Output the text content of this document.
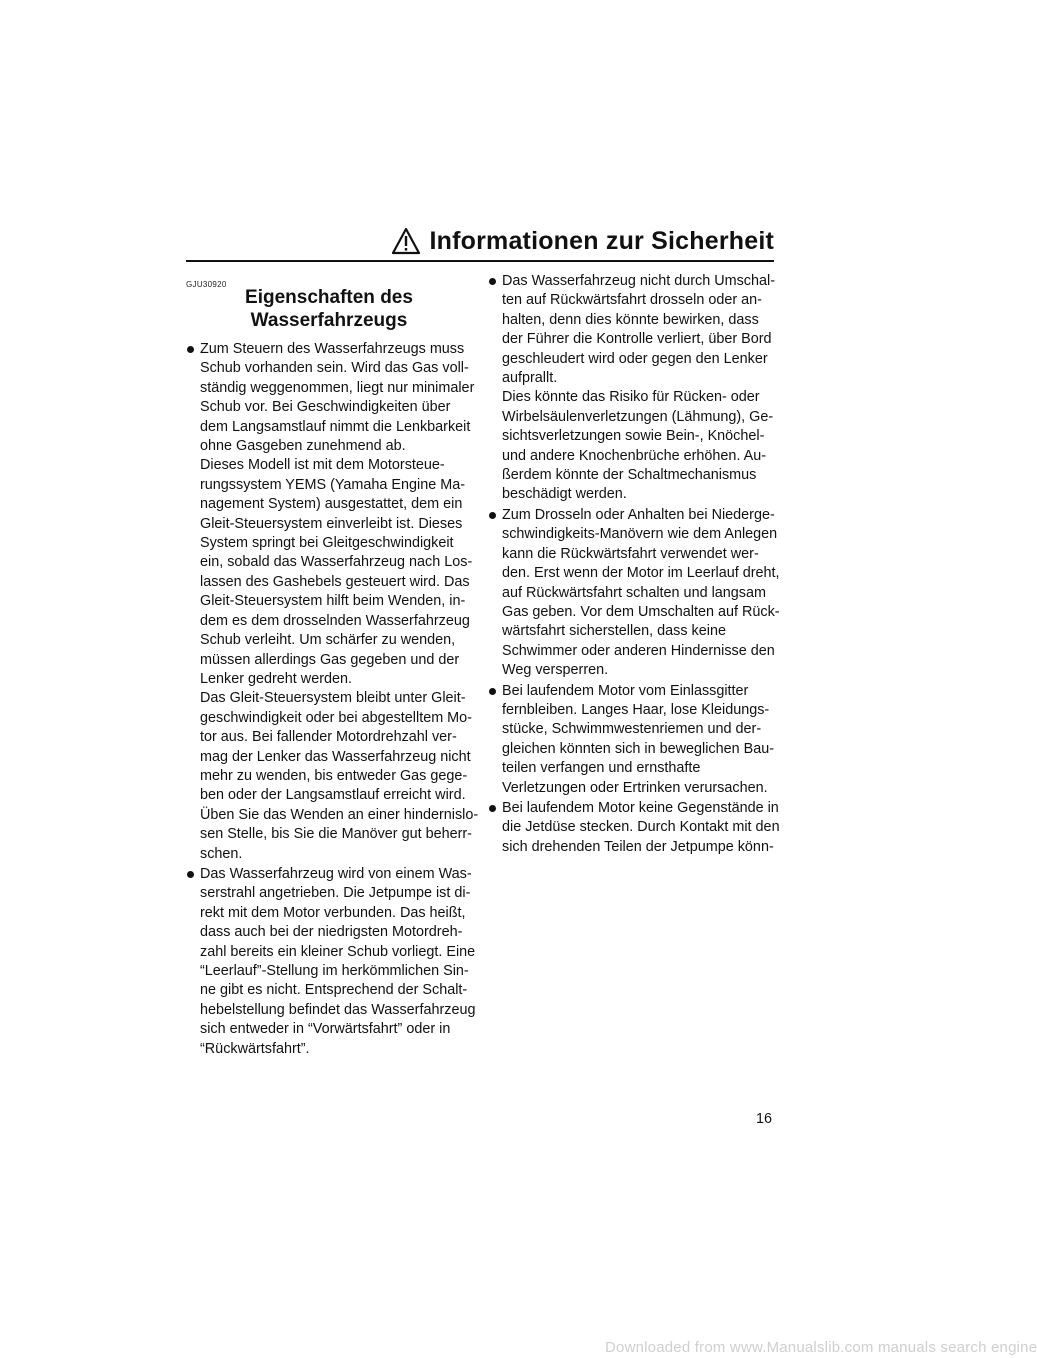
Informationen zur Sicherheit
GJU30920
Eigenschaften des
Wasserfahrzeugs
Zum Steuern des Wasserfahrzeugs muss
Schub vorhanden sein. Wird das Gas voll-
ständig weggenommen, liegt nur minimaler
Schub vor. Bei Geschwindigkeiten über
dem Langsamstlauf nimmt die Lenkbarkeit
ohne Gasgeben zunehmend ab.
Dieses Modell ist mit dem Motorsteue-
rungssystem YEMS (Yamaha Engine Ma-
nagement System) ausgestattet, dem ein
Gleit-Steuersystem einverleibt ist. Dieses
System springt bei Gleitgeschwindigkeit
ein, sobald das Wasserfahrzeug nach Los-
lassen des Gashebels gesteuert wird. Das
Gleit-Steuersystem hilft beim Wenden, in-
dem es dem drosselnden Wasserfahrzeug
Schub verleiht. Um schärfer zu wenden,
müssen allerdings Gas gegeben und der
Lenker gedreht werden.
Das Gleit-Steuersystem bleibt unter Gleit-
geschwindigkeit oder bei abgestelltem Mo-
tor aus. Bei fallender Motordrehzahl ver-
mag der Lenker das Wasserfahrzeug nicht
mehr zu wenden, bis entweder Gas gege-
ben oder der Langsamstlauf erreicht wird.
Üben Sie das Wenden an einer hindernislo-
sen Stelle, bis Sie die Manöver gut beherr-
schen.
Das Wasserfahrzeug wird von einem Was-
serstrahl angetrieben. Die Jetpumpe ist di-
rekt mit dem Motor verbunden. Das heißt,
dass auch bei der niedrigsten Motordreh-
zahl bereits ein kleiner Schub vorliegt. Eine
“Leerlauf”-Stellung im herkömmlichen Sin-
ne gibt es nicht. Entsprechend der Schalt-
hebelstellung befindet das Wasserfahrzeug
sich entweder in “Vorwärtsfahrt” oder in
“Rückwärtsfahrt”.
Das Wasserfahrzeug nicht durch Umschal-
ten auf Rückwärtsfahrt drosseln oder an-
halten, denn dies könnte bewirken, dass
der Führer die Kontrolle verliert, über Bord
geschleudert wird oder gegen den Lenker
aufprallt.
Dies könnte das Risiko für Rücken- oder
Wirbelsäulenverletzungen (Lähmung), Ge-
sichtsverletzungen sowie Bein-, Knöchel-
und andere Knochenbrüche erhöhen. Au-
ßerdem könnte der Schaltmechanismus
beschädigt werden.
Zum Drosseln oder Anhalten bei Niederge-
schwindigkeits-Manövern wie dem Anlegen
kann die Rückwärtsfahrt verwendet wer-
den. Erst wenn der Motor im Leerlauf dreht,
auf Rückwärtsfahrt schalten und langsam
Gas geben. Vor dem Umschalten auf Rück-
wärtsfahrt sicherstellen, dass keine
Schwimmer oder anderen Hindernisse den
Weg versperren.
Bei laufendem Motor vom Einlassgitter
fernbleiben. Langes Haar, lose Kleidungs-
stücke, Schwimmwestenriemen und der-
gleichen könnten sich in beweglichen Bau-
teilen verfangen und ernsthafte
Verletzungen oder Ertrinken verursachen.
Bei laufendem Motor keine Gegenstände in
die Jetdüse stecken. Durch Kontakt mit den
sich drehenden Teilen der Jetpumpe könn-
16
Downloaded from www.Manualslib.com manuals search engine
